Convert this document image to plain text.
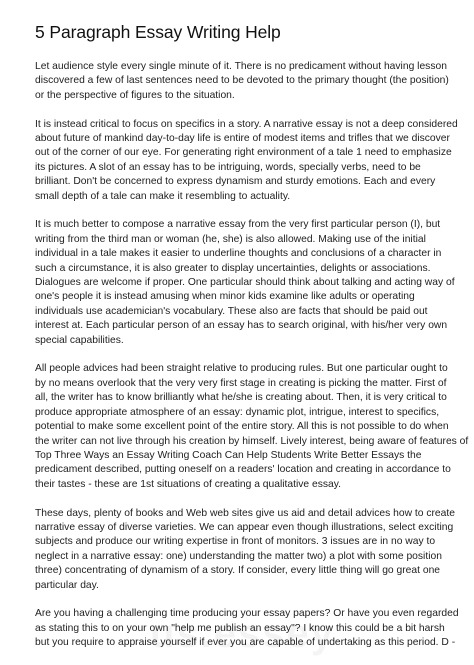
5 Paragraph Essay Writing Help
Let audience style every single minute of it. There is no predicament without having lesson
discovered a few of last sentences need to be devoted to the primary thought (the position)
or the perspective of figures to the situation.
It is instead critical to focus on specifics in a story. A narrative essay is not a deep considered
about future of mankind day-to-day life is entire of modest items and trifles that we discover
out of the corner of our eye. For generating right environment of a tale 1 need to emphasize
its pictures. A slot of an essay has to be intriguing, words, specially verbs, need to be
brilliant. Don't be concerned to express dynamism and sturdy emotions. Each and every
small depth of a tale can make it resembling to actuality.
It is much better to compose a narrative essay from the very first particular person (I), but
writing from the third man or woman (he, she) is also allowed. Making use of the initial
individual in a tale makes it easier to underline thoughts and conclusions of a character in
such a circumstance, it is also greater to display uncertainties, delights or associations.
Dialogues are welcome if proper. One particular should think about talking and acting way of
one's people it is instead amusing when minor kids examine like adults or operating
individuals use academician's vocabulary. These also are facts that should be paid out
interest at. Each particular person of an essay has to search original, with his/her very own
special capabilities.
All people advices had been straight relative to producing rules. But one particular ought to
by no means overlook that the very very first stage in creating is picking the matter. First of
all, the writer has to know brilliantly what he/she is creating about. Then, it is very critical to
produce appropriate atmosphere of an essay: dynamic plot, intrigue, interest to specifics,
potential to make some excellent point of the entire story. All this is not possible to do when
the writer can not live through his creation by himself. Lively interest, being aware of features of
Top Three Ways an Essay Writing Coach Can Help Students Write Better Essays the
predicament described, putting oneself on a readers' location and creating in accordance to
their tastes - these are 1st situations of creating a qualitative essay.
These days, plenty of books and Web web sites give us aid and detail advices how to create
narrative essay of diverse varieties. We can appear even though illustrations, select exciting
subjects and produce our writing expertise in front of monitors. 3 issues are in no way to
neglect in a narrative essay: one) understanding the matter two) a plot with some position
three) concentrating of dynamism of a story. If consider, every little thing will go great one
particular day.
Are you having a challenging time producing your essay papers? Or have you even regarded
as stating this to on your own "help me publish an essay"? I know this could be a bit harsh
but you require to appraise yourself if ever you are capable of undertaking as this period. D -
